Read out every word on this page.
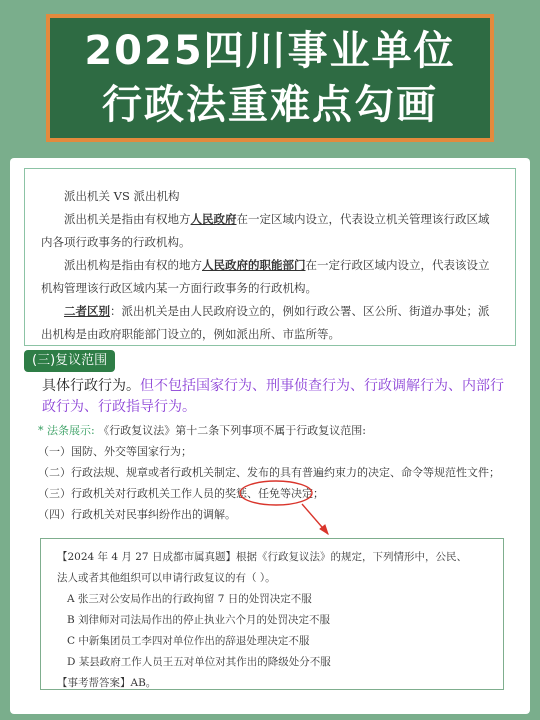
2025四川事业单位
行政法重难点勾画

派出机关 VS 派出机构

派出机关是指由有权地方人民政府在一定区域内设立，代表设立机关管理该行政区域

内各项行政事务的行政机构。

派出机构是指由有权的地方人民政府的职能部门在一定行政区域内设立，代表该设立

机构管理该行政区域内某一方面行政事务的行政机构。

二者区别：派出机关是由人民政府设立的，例如行政公署、区公所、街道办事处；派

出机构是由政府职能部门设立的，例如派出所、市监所等。

(三)复议范围
具体行政行为。但不包括国家行为、刑事侦查行为、行政调解行为、内部行政行为、行政指导行为。

* 法条展示: 《行政复议法》第十二条下列事项不属于行政复议范围:

（一）国防、外交等国家行为；

（二）行政法规、规章或者行政机关制定、发布的具有普遍约束力的决定、命令等规范性文件；

（三）行政机关对行政机关工作人员的奖惩、任免等决定；

（四）行政机关对民事纠纷作出的调解。

【2024 年 4 月 27 日成都市属真题】根据《行政复议法》的规定，下列情形中，公民、

法人或者其他组织可以申请行政复议的有（ ）。

A 张三对公安局作出的行政拘留 7 日的处罚决定不服

B 刘律师对司法局作出的停止执业六个月的处罚决定不服

C 中新集团员工李四对单位作出的辞退处理决定不服

D 某县政府工作人员王五对单位对其作出的降级处分不服

【事考帮答案】AB。
